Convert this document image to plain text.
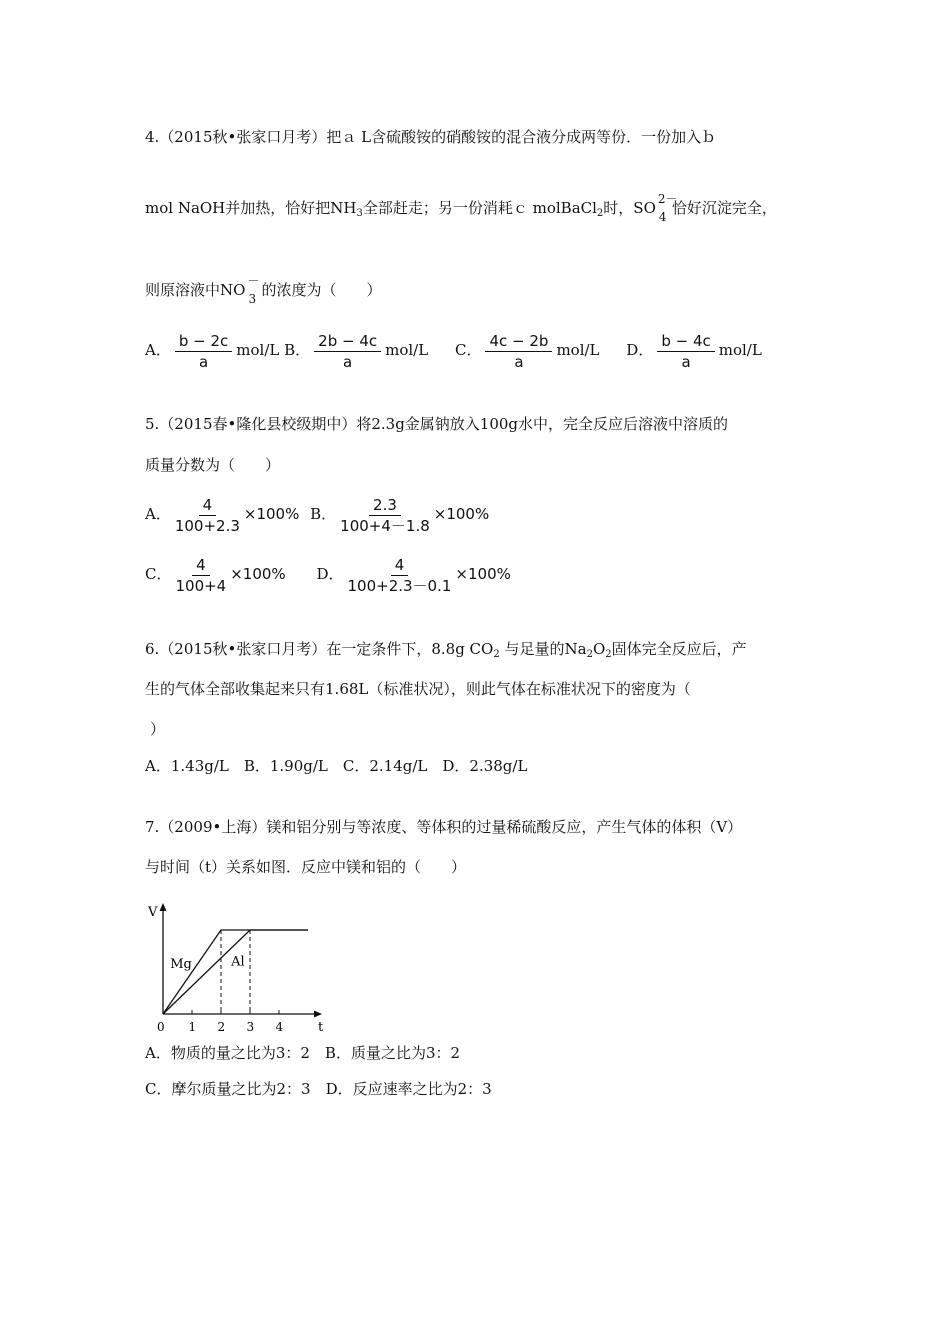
4.（2015秋•张家口月考）把ａ L含硫酸铵的硝酸铵的混合液分成两等份．一份加入ｂ
mol NaOH并加热，恰好把$NH_3$全部赶走；另一份消耗ｃ molBaCl$_2$时，SO 2－
4 恰好沉淀完全，
则原溶液中NO －
3 的浓度为（　　）
A． $\frac{b - 2c}{a} mol/L$ B． $\frac{2b - 4c}{a} mol/L$ C． $\frac{4c - 2b}{a} mol/L$ D． $\frac{b - 4c}{a} mol/L$
5.（2015春•隆化县校级期中）将2.3g金属钠放入100g水中，完全反应后溶液中溶质的
质量分数为（　　）
A． $\frac{4}{100+2.3} \times 100\%$ B． $\frac{2.3}{100+4-1.8} \times 100\%$
C． $\frac{4}{100+4} \times 100\%$ D． $\frac{4}{100+2.3-0.1} \times 100\%$
6.（2015秋•张家口月考）在一定条件下，8.8g $CO_2$ 与足量的$Na_2O_2$固体完全反应后，产
生的气体全部收集起来只有1.68L（标准状况），则此气体在标准状况下的密度为（
）
A．1.43g/L　B．1.90g/L　C．2.14g/L　D．2.38g/L
7.（2009•上海）镁和铝分别与等浓度、等体积的过量稀硫酸反应，产生气体的体积（V）
与时间（t）关系如图．反应中镁和铝的（　　）
V
t
0 1 2 3 4
Mg	Al
A．物质的量之比为3：2　B．质量之比为3：2
C．摩尔质量之比为2：3　D．反应速率之比为2：3
